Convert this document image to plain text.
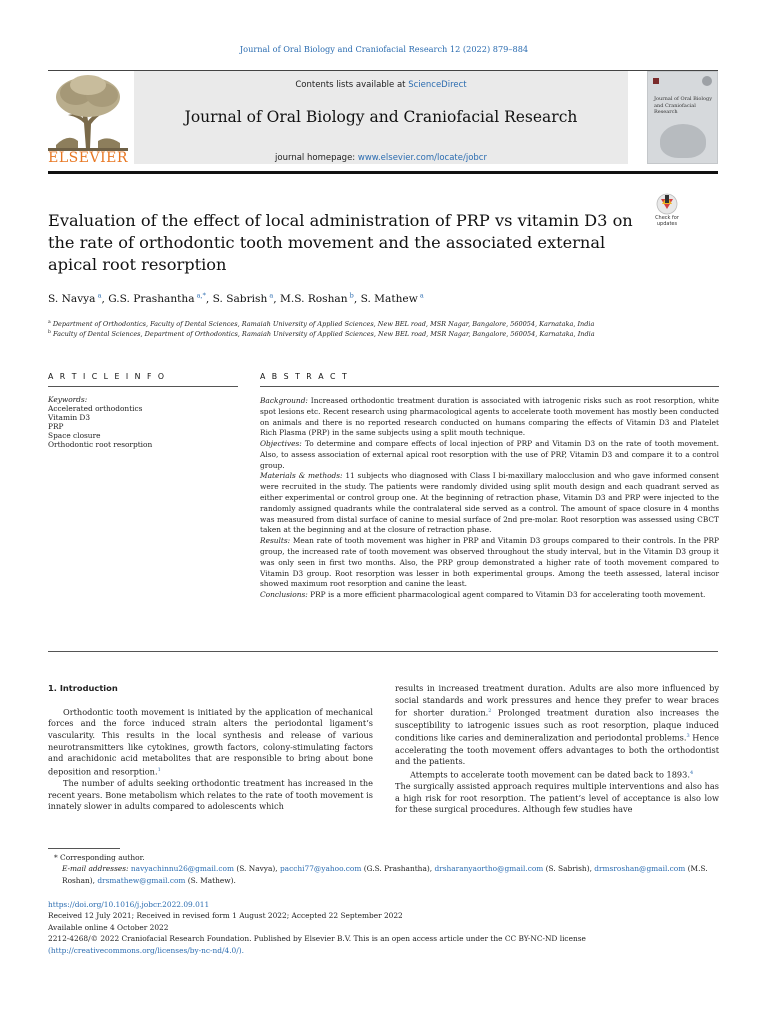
Journal of Oral Biology and Craniofacial Research 12 (2022) 879–884
ELSEVIER
Contents lists available at ScienceDirect
Journal of Oral Biology and Craniofacial Research
journal homepage: www.elsevier.com/locate/jobcr
Journal of Oral Biology and Craniofacial Research
Evaluation of the effect of local administration of PRP vs vitamin D3 on the rate of orthodontic tooth movement and the associated external apical root resorption
Check for updates
S. Navya $^a$, G.S. Prashantha $^{a,*}$, S. Sabrish $^a$, M.S. Roshan $^b$, S. Mathew $^a$
$^a$ Department of Orthodontics, Faculty of Dental Sciences, Ramaiah University of Applied Sciences, New BEL road, MSR Nagar, Bangalore, 560054, Karnataka, India
$^b$ Faculty of Dental Sciences, Department of Orthodontics, Ramaiah University of Applied Sciences, New BEL road, MSR Nagar, Bangalore, 560054, Karnataka, India
A R T I C L E I N F O
Keywords:
Accelerated orthodontics
Vitamin D3
PRP
Space closure
Orthodontic root resorption
A B S T R A C T

Background: Increased orthodontic treatment duration is associated with iatrogenic risks such as root resorption, white spot lesions etc. Recent research using pharmacological agents to accelerate tooth movement has mostly been conducted on animals and there is no reported research conducted on humans comparing the effects of Vitamin D3 and Platelet Rich Plasma (PRP) in the same subjects using a split mouth technique.

Objectives: To determine and compare effects of local injection of PRP and Vitamin D3 on the rate of tooth movement. Also, to assess association of external apical root resorption with the use of PRP, Vitamin D3 and compare it to a control group.

Materials & methods: 11 subjects who diagnosed with Class I bi-maxillary malocclusion and who gave informed consent were recruited in the study. The patients were randomly divided using split mouth design and each quadrant served as either experimental or control group one. At the beginning of retraction phase, Vitamin D3 and PRP were injected to the randomly assigned quadrants while the contralateral side served as a control. The amount of space closure in 4 months was measured from distal surface of canine to mesial surface of 2nd pre-molar. Root resorption was assessed using CBCT taken at the beginning and at the closure of retraction phase.

Results: Mean rate of tooth movement was higher in PRP and Vitamin D3 groups compared to their controls. In the PRP group, the increased rate of tooth movement was observed throughout the study interval, but in the Vitamin D3 group it was only seen in first two months. Also, the PRP group demonstrated a higher rate of tooth movement compared to Vitamin D3 group. Root resorption was lesser in both experimental groups. Among the teeth assessed, lateral incisor showed maximum root resorption and canine the least.

Conclusions: PRP is a more efficient pharmacological agent compared to Vitamin D3 for accelerating tooth movement.

1. Introduction

Orthodontic tooth movement is initiated by the application of mechanical forces and the force induced strain alters the periodontal ligament’s vascularity. This results in the local synthesis and release of various neurotransmitters like cytokines, growth factors, colony-stimulating factors and arachidonic acid metabolites that are responsible to bring about bone deposition and resorption.$^1$

The number of adults seeking orthodontic treatment has increased in the recent years. Bone metabolism which relates to the rate of tooth movement is innately slower in adults compared to adolescents which

results in increased treatment duration. Adults are also more influenced by social standards and work pressures and hence they prefer to wear braces for shorter duration.$^2$ Prolonged treatment duration also increases the susceptibility to iatrogenic issues such as root resorption, plaque induced conditions like caries and demineralization and periodontal problems.$^3$ Hence accelerating the tooth movement offers advantages to both the orthodontist and the patients.

Attempts to accelerate tooth movement can be dated back to 1893.$^4$

The surgically assisted approach requires multiple interventions and also has a high risk for root resorption. The patient’s level of acceptance is also low for these surgical procedures. Although few studies have

* Corresponding author.

E-mail addresses: navyachinnu26@gmail.com (S. Navya), pacchi77@yahoo.com (G.S. Prashantha), drsharanyaortho@gmail.com (S. Sabrish), drmsroshan@gmail.com (M.S. Roshan), drsmathew@gmail.com (S. Mathew).

https://doi.org/10.1016/j.jobcr.2022.09.011

Received 12 July 2021; Received in revised form 1 August 2022; Accepted 22 September 2022

Available online 4 October 2022

2212-4268/© 2022 Craniofacial Research Foundation. Published by Elsevier B.V. This is an open access article under the CC BY-NC-ND license

(http://creativecommons.org/licenses/by-nc-nd/4.0/).
